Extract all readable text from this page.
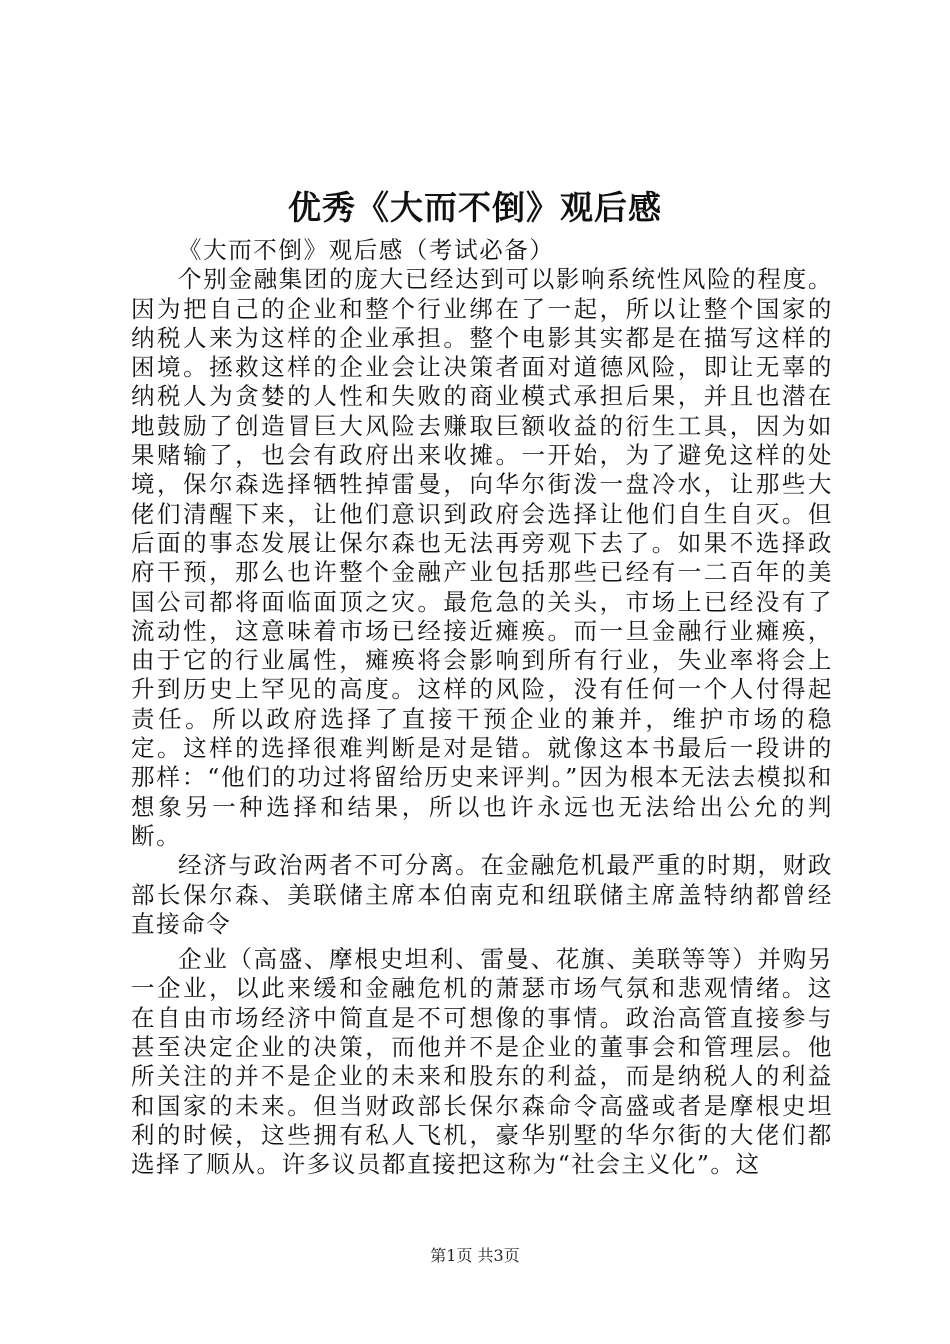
优秀《大而不倒》观后感

《大而不倒》观后感（考试必备）

个别金融集团的庞大已经达到可以影响系统性风险的程度。因为把自己的企业和整个行业绑在了一起，所以让整个国家的纳税人来为这样的企业承担。整个电影其实都是在描写这样的困境。拯救这样的企业会让决策者面对道德风险，即让无辜的纳税人为贪婪的人性和失败的商业模式承担后果，并且也潜在地鼓励了创造冒巨大风险去赚取巨额收益的衍生工具，因为如果赌输了，也会有政府出来收摊。一开始，为了避免这样的处境，保尔森选择牺牲掉雷曼，向华尔街泼一盘冷水，让那些大佬们清醒下来，让他们意识到政府会选择让他们自生自灭。但后面的事态发展让保尔森也无法再旁观下去了。如果不选择政府干预，那么也许整个金融产业包括那些已经有一二百年的美国公司都将面临面顶之灾。最危急的关头，市场上已经没有了流动性，这意味着市场已经接近瘫痪。而一旦金融行业瘫痪，由于它的行业属性，瘫痪将会影响到所有行业，失业率将会上升到历史上罕见的高度。这样的风险，没有任何一个人付得起责任。所以政府选择了直接干预企业的兼并，维护市场的稳定。这样的选择很难判断是对是错。就像这本书最后一段讲的那样：“他们的功过将留给历史来评判。”因为根本无法去模拟和想象另一种选择和结果，所以也许永远也无法给出公允的判断。

经济与政治两者不可分离。在金融危机最严重的时期，财政部长保尔森、美联储主席本伯南克和纽联储主席盖特纳都曾经直接命令

企业（高盛、摩根史坦利、雷曼、花旗、美联等等）并购另一企业，以此来缓和金融危机的萧瑟市场气氛和悲观情绪。这在自由市场经济中简直是不可想像的事情。政治高管直接参与甚至决定企业的决策，而他并不是企业的董事会和管理层。他所关注的并不是企业的未来和股东的利益，而是纳税人的利益和国家的未来。但当财政部长保尔森命令高盛或者是摩根史坦利的时候，这些拥有私人飞机，豪华别墅的华尔街的大佬们都选择了顺从。许多议员都直接把这称为“社会主义化”。这

第1页 共3页
